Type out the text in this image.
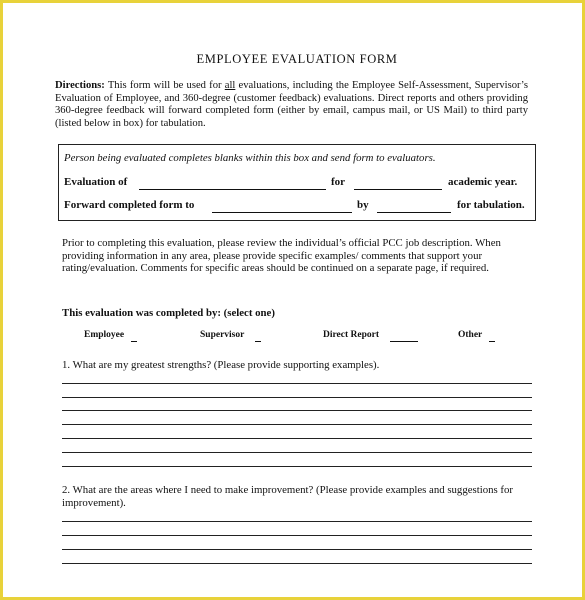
EMPLOYEE EVALUATION FORM
Directions: This form will be used for all evaluations, including the Employee Self-Assessment, Supervisor’s Evaluation of Employee, and 360-degree (customer feedback) evaluations. Direct reports and others providing 360-degree feedback will forward completed form (either by email, campus mail, or US Mail) to third party (listed below in box) for tabulation.
Person being evaluated completes blanks within this box and send form to evaluators.
Evaluation of	for	academic year.
Forward completed form to	by	for tabulation.
Prior to completing this evaluation, please review the individual’s official PCC job description. When providing information in any area, please provide specific examples/ comments that support your rating/evaluation. Comments for specific areas should be continued on a separate page, if required.
This evaluation was completed by: (select one)
Employee	Supervisor	Direct Report	Other
1. What are my greatest strengths? (Please provide supporting examples).
2. What are the areas where I need to make improvement? (Please provide examples and suggestions for improvement).
